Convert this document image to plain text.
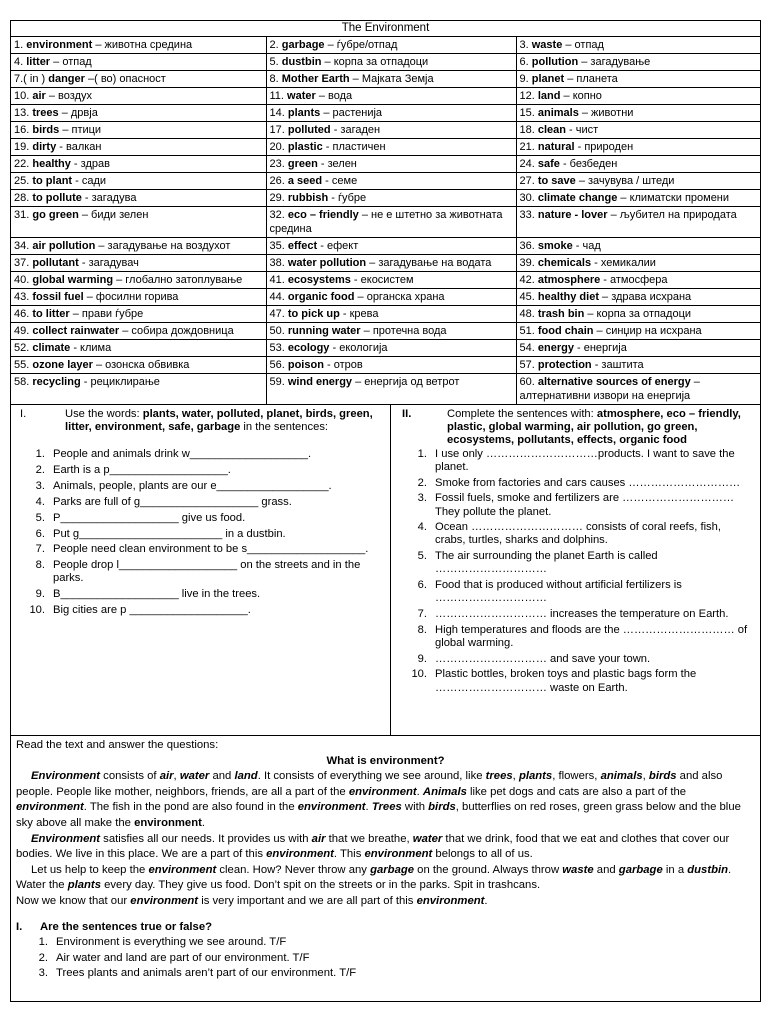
The Environment
1. environment – животна средина	2. garbage – ѓубре/отпад	3. waste – отпад
4. litter – отпад	5. dustbin – корпа за отпадоци	6. pollution – загадување
7.( in ) danger –( во) опасност	8. Mother Earth – Мајката Земја	9. planet – планета
10. air – воздух	11. water – вода	12. land – копно
13. trees – дрвја	14. plants – растенија	15. animals – животни
16. birds – птици	17. polluted - загаден	18. clean - чист
19. dirty - валкан	20. plastic - пластичен	21. natural - природен
22. healthy - здрав	23. green - зелен	24. safe - безбеден
25. to plant - сади	26. a seed - семе	27. to save – зачувува / штеди
28. to pollute - загадува	29. rubbish - ѓубре	30. climate change – климатски промени
31. go green – биди зелен	32. eco – friendly – не е штетно за животната средина	33. nature - lover – љубител на природата
34. air pollution – загадување на воздухот	35. effect - ефект	36. smoke - чад
37. pollutant - загадувач	38. water pollution – загадување на водата	39. chemicals - хемикалии
40. global warming – глобално затоплување	41. ecosystems - екосистем	42. atmosphere - атмосфера
43. fossil fuel – фосилни горива	44. organic food – органска храна	45. healthy diet – здрава исхрана
46. to litter – прави ѓубре	47. to pick up - крева	48. trash bin – корпа за отпадоци
49. collect rainwater – собира дождовница	50. running water – протечна вода	51. food chain – синџир на исхрана
52. climate - клима	53. ecology - екологија	54. energy - енергија
55. ozone layer – озонска обвивка	56. poison - отров	57. protection - заштита
58. recycling - рециклирање	59. wind energy – енергија од ветрот	60. alternative sources of energy – алтернативни извори на енергија
I.	Use the words: plants, water, polluted, planet, birds, green, litter, environment, safe, garbage in the sentences:
1. People and animals drink w___________________.
2. Earth is a p___________________.
3. Animals, people, plants are our e__________________.
4. Parks are full of g___________________ grass.
5. P___________________ give us food.
6. Put g_______________________ in a dustbin.
7. People need clean environment to be s___________________.
8. People drop l___________________ on the streets and in the parks.
9. B___________________ live in the trees.
10. Big cities are p ___________________.
II.	Complete the sentences with: atmosphere, eco – friendly, plastic, global warming, air pollution, go green, ecosystems, pollutants, effects, organic food
1. I use only …………………………products. I want to save the planet.
2. Smoke from factories and cars causes …………………………
3. Fossil fuels, smoke and fertilizers are ………………………… They pollute the planet.
4. Ocean ………………………… consists of coral reefs, fish, crabs, turtles, sharks and dolphins.
5. The air surrounding the planet Earth is called …………………………
6. Food that is produced without artificial fertilizers is …………………………
7. ………………………… increases the temperature on Earth.
8. High temperatures and floods are the ………………………… of global warming.
9. ………………………… and save your town.
10. Plastic bottles, broken toys and plastic bags form the ………………………… waste on Earth.
Read the text and answer the questions:
What is environment?

Environment consists of air, water and land. It consists of everything we see around, like trees, plants, flowers, animals, birds and also people. People like mother, neighbors, friends, are all a part of the environment. Animals like pet dogs and cats are also a part of the environment. The fish in the pond are also found in the environment. Trees with birds, butterflies on red roses, green grass below and the blue sky above all make the environment.

Environment satisfies all our needs. It provides us with air that we breathe, water that we drink, food that we eat and clothes that cover our bodies. We live in this place. We are a part of this environment. This environment belongs to all of us.

Let us help to keep the environment clean. How? Never throw any garbage on the ground. Always throw waste and garbage in a dustbin. Water the plants every day. They give us food. Don’t spit on the streets or in the parks. Spit in trashcans.

Now we know that our environment is very important and we are all part of this environment.

I.	Are the sentences true or false?
1. Environment is everything we see around. T/F
2. Air water and land are part of our environment. T/F
3. Trees plants and animals aren’t part of our environment. T/F
